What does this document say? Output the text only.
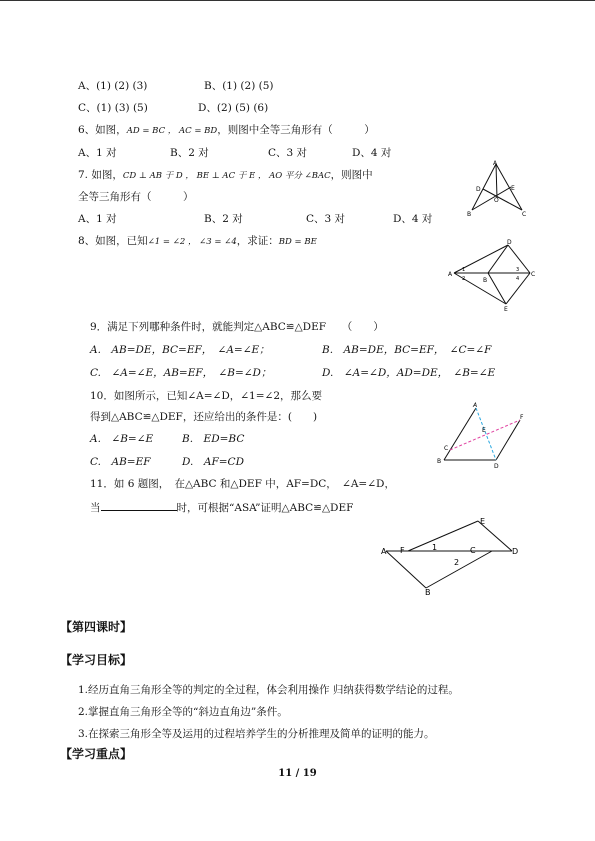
A、(1) (2) (3)	B、(1) (2) (5)
C、(1) (3) (5)	D、(2) (5) (6)
6、如图，AD = BC ， AC = BD，则图中全等三角形有（　　　）
A、1 对	B、2 对	C、3 对	D、4 对
7. 如图，CD ⊥ AB 于 D ， BE ⊥ AC 于 E ， AO 平分 ∠BAC，则图中
全等三角形有（　　　）
A、1 对	B、2 对	C、3 对	D、4 对
A
D	E
O
B	C
8、如图，已知∠1 = ∠2 ， ∠3 = ∠4，求证：BD = BE
A
B
C
D
E
1
2
3
4
9．满足下列哪种条件时，就能判定△ABC≌△DEF　　（　　）
A.　AB=DE，BC=EF，　∠A=∠E；	B.　AB=DE，BC=EF，　∠C=∠F
C.　∠A=∠E，AB=EF，　∠B=∠D；	D.　∠A=∠D，AD=DE，　∠B=∠E
10．如图所示，已知∠A=∠D，∠1=∠2，那么要
得到△ABC≌△DEF，还应给出的条件是：(　　)
A.　∠B=∠E	B.　ED=BC
C.　AB=EF	D.　AF=CD
A
C
E
F
B
D
11．如 6 题图，　在△ABC 和△DEF 中，AF=DC，　∠A=∠D，
当	时，可根据“ASA”证明△ABC≌△DEF
A F	1	C
2
E
D
B
【第四课时】
【学习目标】
1.经历直角三角形全等的判定的全过程，体会利用操作 归纳获得数学结论的过程。
2.掌握直角三角形全等的“斜边直角边”条件。
3.在探索三角形全等及运用的过程培养学生的分析推理及简单的证明的能力。
【学习重点】
11 / 19
